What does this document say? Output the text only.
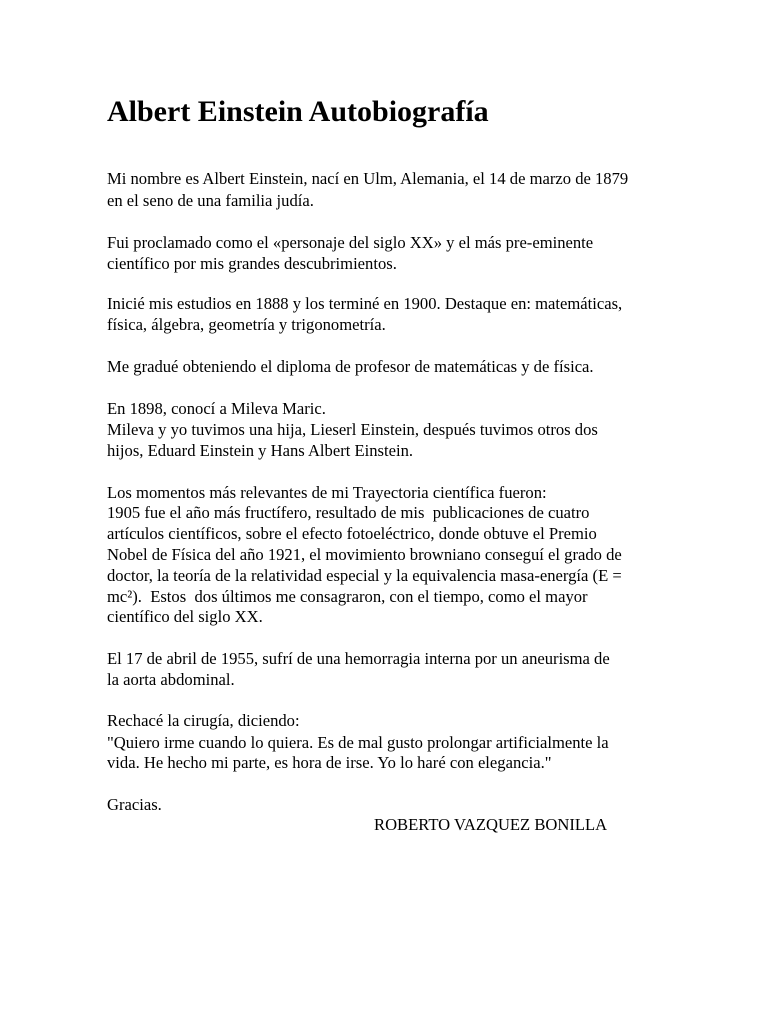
Albert Einstein Autobiografía

Mi nombre es Albert Einstein, nací en Ulm, Alemania, el 14 de marzo de 1879

en el seno de una familia judía.

Fui proclamado como el «personaje del siglo XX» y el más pre-eminente

científico por mis grandes descubrimientos.

Inicié mis estudios en 1888 y los terminé en 1900. Destaque en: matemáticas,

física, álgebra, geometría y trigonometría.

Me gradué obteniendo el diploma de profesor de matemáticas y de física.

En 1898, conocí a Mileva Maric.

Mileva y yo tuvimos una hija, Lieserl Einstein, después tuvimos otros dos

hijos, Eduard Einstein y Hans Albert Einstein.

Los momentos más relevantes de mi Trayectoria científica fueron:

1905 fue el año más fructífero, resultado de mis  publicaciones de cuatro

artículos científicos, sobre el efecto fotoeléctrico, donde obtuve el Premio

Nobel de Física del año 1921, el movimiento browniano conseguí el grado de

doctor, la teoría de la relatividad especial y la equivalencia masa-energía (E =

mc²).  Estos  dos últimos me consagraron, con el tiempo, como el mayor

científico del siglo XX.

El 17 de abril de 1955, sufrí de una hemorragia interna por un aneurisma de

la aorta abdominal.

Rechacé la cirugía, diciendo:

"Quiero irme cuando lo quiera. Es de mal gusto prolongar artificialmente la

vida. He hecho mi parte, es hora de irse. Yo lo haré con elegancia."

Gracias.

ROBERTO VAZQUEZ BONILLA
